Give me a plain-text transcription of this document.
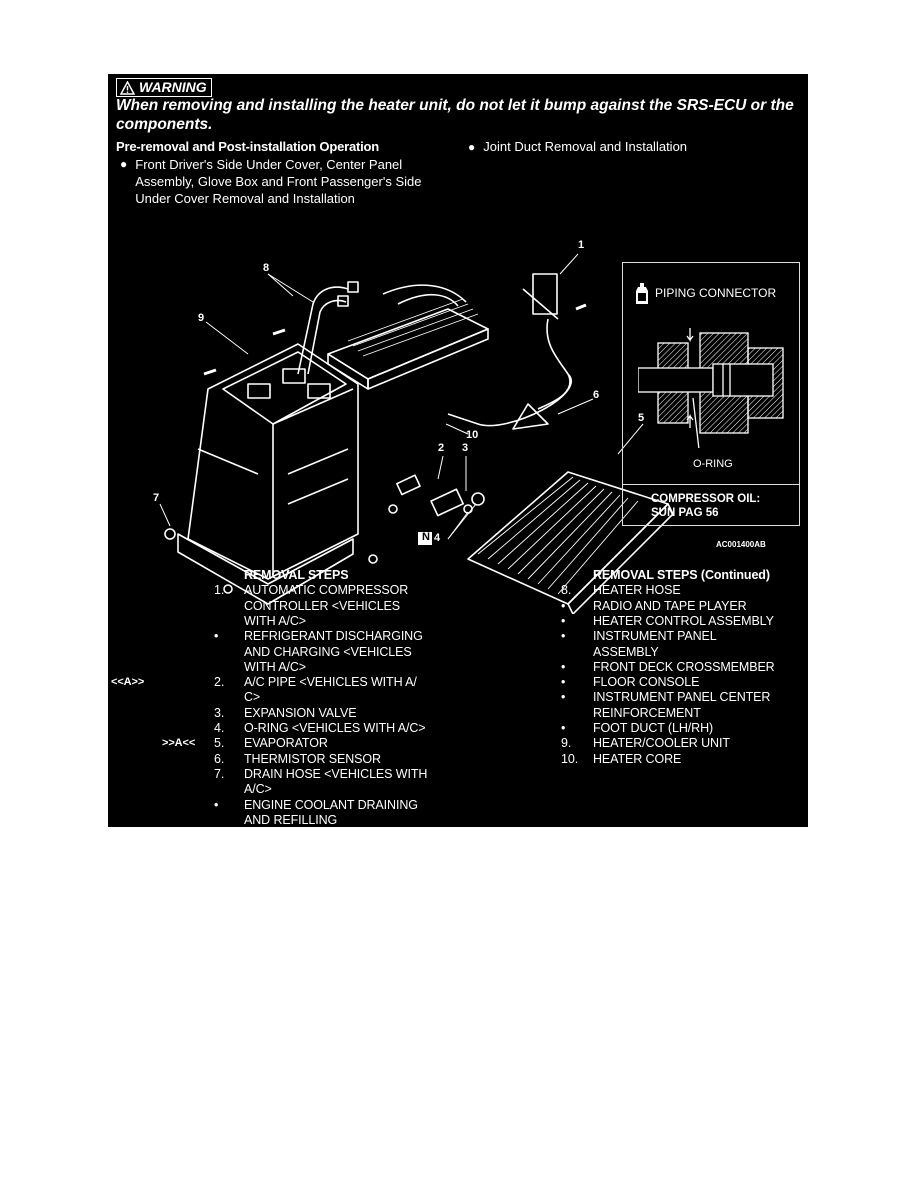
WARNING
When removing and installing the heater unit, do not let it bump against the SRS-ECU or the components.
Pre-removal and Post-installation Operation
● Front Driver's Side Under Cover, Center Panel Assembly, Glove Box and Front Passenger's Side Under Cover Removal and Installation
● Joint Duct Removal and Installation
1
2 3
N 4
5
6
7
8
9
10
PIPING CONNECTOR
O-RING
COMPRESSOR OIL:
SUN PAG 56
AC001400AB
REMOVAL STEPS
1. AUTOMATIC COMPRESSOR
CONTROLLER <VEHICLES
WITH A/C>
• REFRIGERANT DISCHARGING
AND CHARGING <VEHICLES
WITH A/C>
2.
<<A>>	A/C PIPE <VEHICLES WITH A/
C>
3. EXPANSION VALVE
4. O-RING <VEHICLES WITH A/C>
5.
>>A<<	EVAPORATOR
6. THERMISTOR SENSOR
7. DRAIN HOSE <VEHICLES WITH
A/C>
• ENGINE COOLANT DRAINING
AND REFILLING
REMOVAL STEPS (Continued)
8. HEATER HOSE
• RADIO AND TAPE PLAYER
• HEATER CONTROL ASSEMBLY
• INSTRUMENT PANEL
ASSEMBLY
• FRONT DECK CROSSMEMBER
• FLOOR CONSOLE
• INSTRUMENT PANEL CENTER
REINFORCEMENT
• FOOT DUCT (LH/RH)
9. HEATER/COOLER UNIT
10. HEATER CORE
